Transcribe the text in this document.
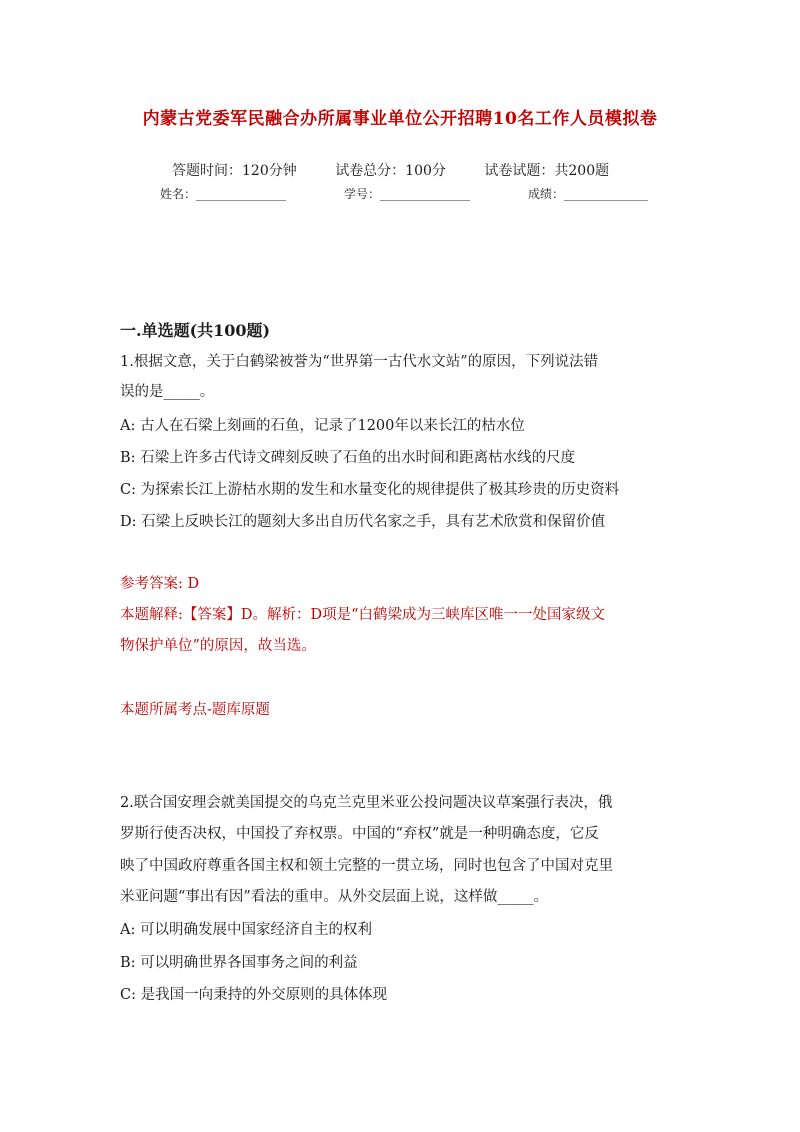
内蒙古党委军民融合办所属事业单位公开招聘10名工作人员模拟卷
答题时间：120分钟	试卷总分：100分	试卷试题：共200题
姓名：_______________	学号：_______________	成绩：______________
一.单选题(共100题)
1.根据文意，关于白鹤梁被誉为“世界第一古代水文站”的原因，下列说法错
误的是_____。
A: 古人在石梁上刻画的石鱼，记录了1200年以来长江的枯水位
B: 石梁上许多古代诗文碑刻反映了石鱼的出水时间和距离枯水线的尺度
C: 为探索长江上游枯水期的发生和水量变化的规律提供了极其珍贵的历史资料
D: 石梁上反映长江的题刻大多出自历代名家之手，具有艺术欣赏和保留价值
参考答案: D
本题解释:【答案】D。解析：D项是“白鹤梁成为三峡库区唯一一处国家级文
物保护单位”的原因，故当选。
本题所属考点-题库原题
2.联合国安理会就美国提交的乌克兰克里米亚公投问题决议草案强行表决，俄
罗斯行使否决权，中国投了弃权票。中国的“弃权”就是一种明确态度，它反
映了中国政府尊重各国主权和领土完整的一贯立场，同时也包含了中国对克里
米亚问题“事出有因”看法的重申。从外交层面上说，这样做_____。
A: 可以明确发展中国家经济自主的权利
B: 可以明确世界各国事务之间的利益
C: 是我国一向秉持的外交原则的具体体现
